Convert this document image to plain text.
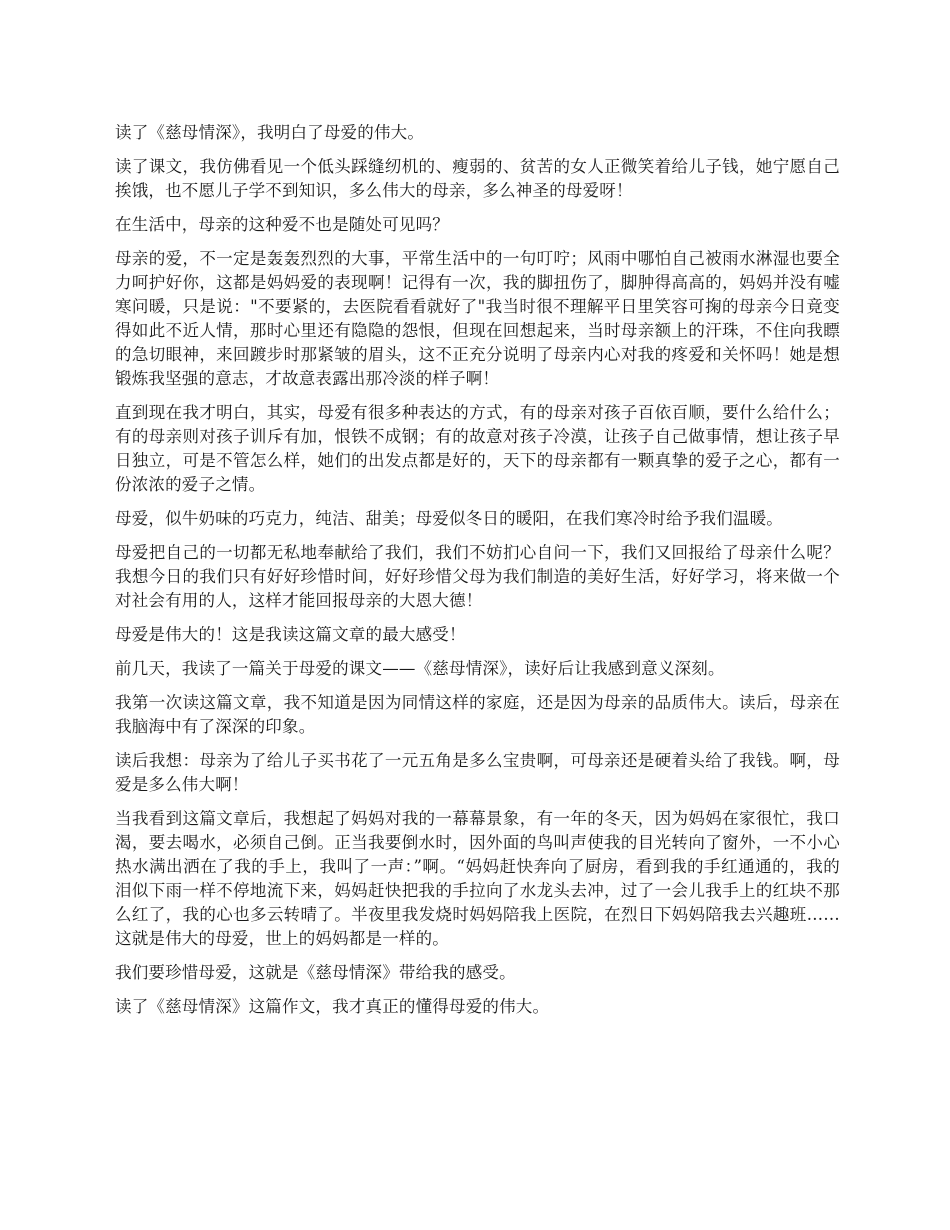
读了《慈母情深》，我明白了母爱的伟大。

读了课文，我仿佛看见一个低头踩缝纫机的、瘦弱的、贫苦的女人正微笑着给儿子钱，她宁愿自己挨饿，也不愿儿子学不到知识，多么伟大的母亲，多么神圣的母爱呀！

在生活中，母亲的这种爱不也是随处可见吗？

母亲的爱，不一定是轰轰烈烈的大事，平常生活中的一句叮咛；风雨中哪怕自己被雨水淋湿也要全力呵护好你，这都是妈妈爱的表现啊！记得有一次，我的脚扭伤了，脚肿得高高的，妈妈并没有嘘寒问暖，只是说："不要紧的，去医院看看就好了"我当时很不理解平日里笑容可掬的母亲今日竟变得如此不近人情，那时心里还有隐隐的怨恨，但现在回想起来，当时母亲额上的汗珠，不住向我瞟的急切眼神，来回踱步时那紧皱的眉头，这不正充分说明了母亲内心对我的疼爱和关怀吗！她是想锻炼我坚强的意志，才故意表露出那冷淡的样子啊！

直到现在我才明白，其实，母爱有很多种表达的方式，有的母亲对孩子百依百顺，要什么给什么；有的母亲则对孩子训斥有加，恨铁不成钢；有的故意对孩子冷漠，让孩子自己做事情，想让孩子早日独立，可是不管怎么样，她们的出发点都是好的，天下的母亲都有一颗真挚的爱子之心，都有一份浓浓的爱子之情。

母爱，似牛奶味的巧克力，纯洁、甜美；母爱似冬日的暖阳，在我们寒冷时给予我们温暖。

母爱把自己的一切都无私地奉献给了我们，我们不妨扪心自问一下，我们又回报给了母亲什么呢？我想今日的我们只有好好珍惜时间，好好珍惜父母为我们制造的美好生活，好好学习，将来做一个对社会有用的人，这样才能回报母亲的大恩大德！

母爱是伟大的！这是我读这篇文章的最大感受！

前几天，我读了一篇关于母爱的课文——《慈母情深》，读好后让我感到意义深刻。

我第一次读这篇文章，我不知道是因为同情这样的家庭，还是因为母亲的品质伟大。读后，母亲在我脑海中有了深深的印象。

读后我想：母亲为了给儿子买书花了一元五角是多么宝贵啊，可母亲还是硬着头给了我钱。啊，母爱是多么伟大啊！

当我看到这篇文章后，我想起了妈妈对我的一幕幕景象，有一年的冬天，因为妈妈在家很忙，我口渴，要去喝水，必须自己倒。正当我要倒水时，因外面的鸟叫声使我的目光转向了窗外，一不小心热水满出洒在了我的手上，我叫了一声：”啊。“妈妈赶快奔向了厨房，看到我的手红通通的，我的泪似下雨一样不停地流下来，妈妈赶快把我的手拉向了水龙头去冲，过了一会儿我手上的红块不那么红了，我的心也多云转晴了。半夜里我发烧时妈妈陪我上医院，在烈日下妈妈陪我去兴趣班……这就是伟大的母爱，世上的妈妈都是一样的。

我们要珍惜母爱，这就是《慈母情深》带给我的感受。

读了《慈母情深》这篇作文，我才真正的懂得母爱的伟大。
